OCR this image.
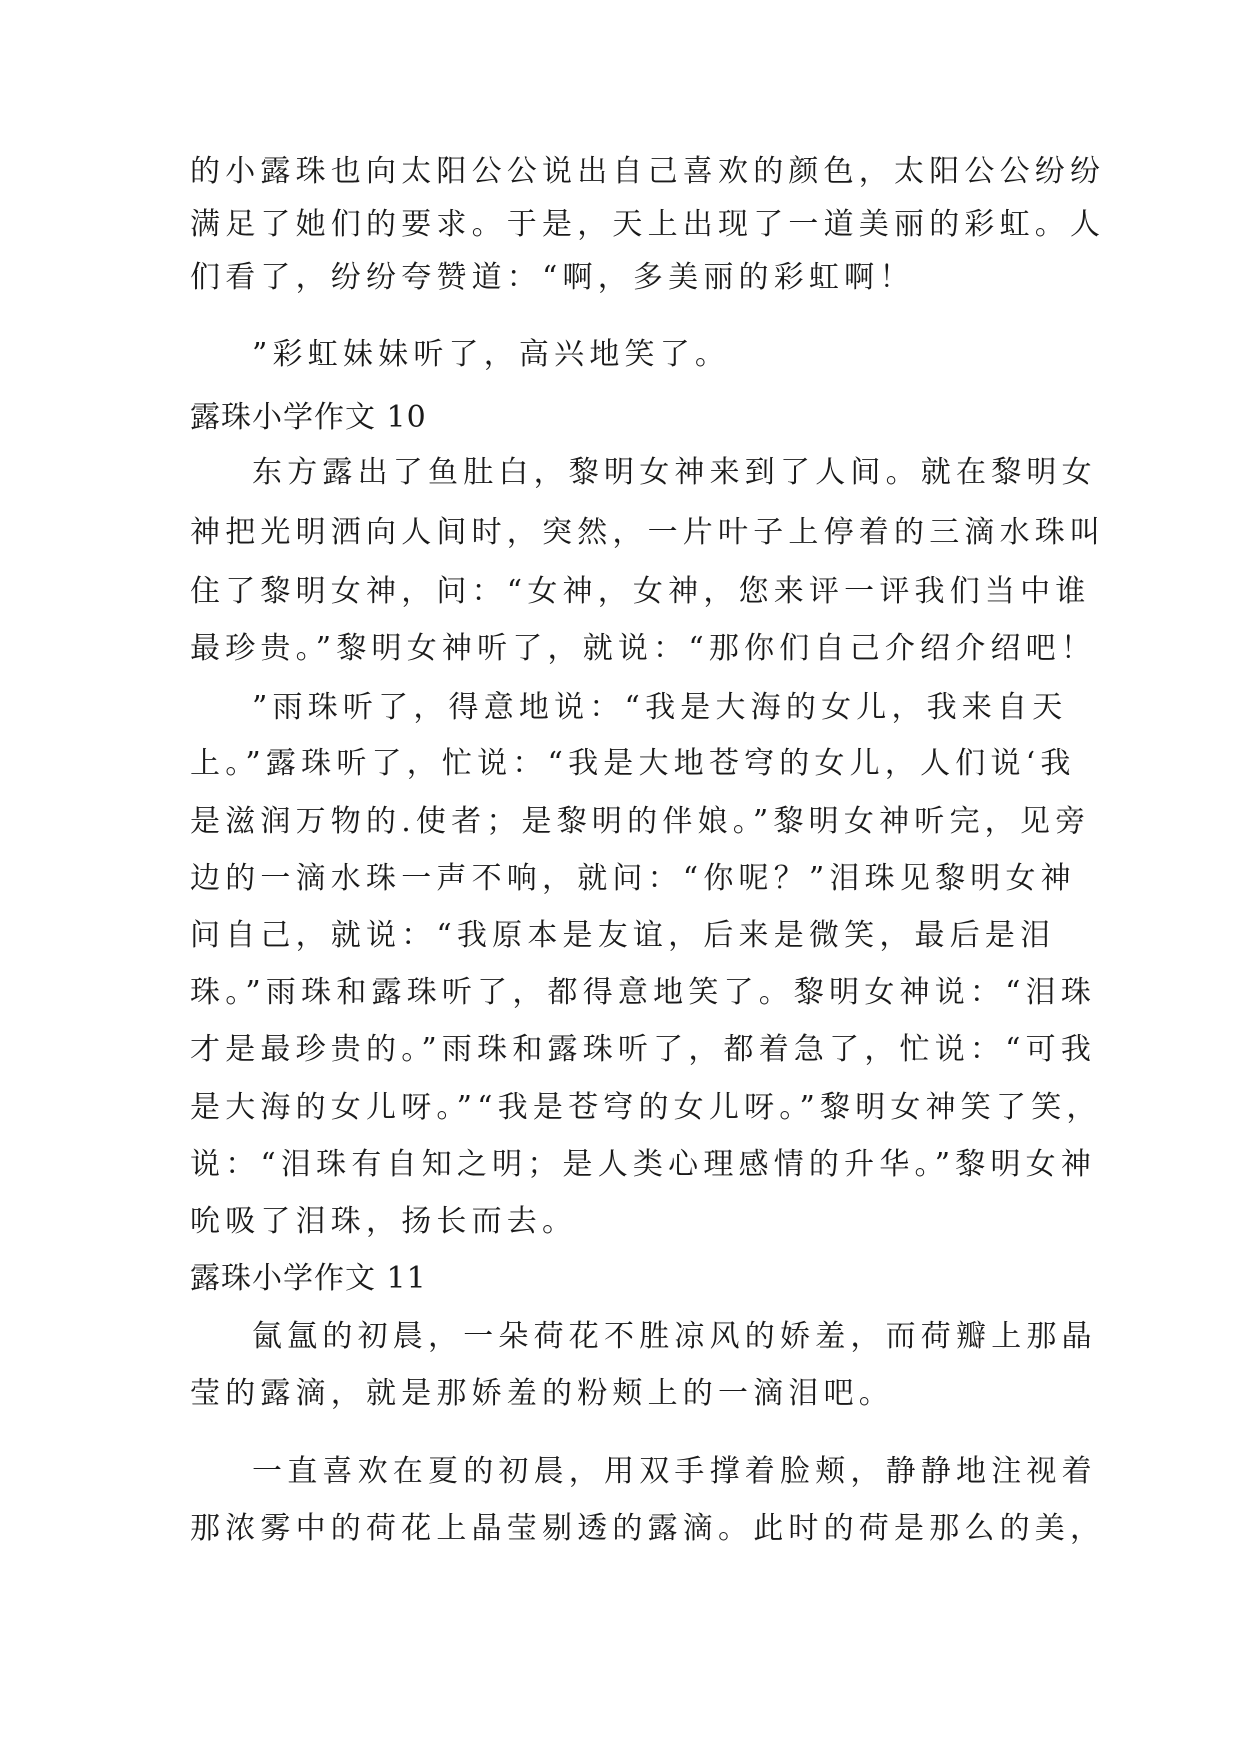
的小露珠也向太阳公公说出自己喜欢的颜色，太阳公公纷纷
满足了她们的要求。于是，天上出现了一道美丽的彩虹。人
们看了，纷纷夸赞道：“啊，多美丽的彩虹啊！
”彩虹妹妹听了，高兴地笑了。
露珠小学作文 10
东方露出了鱼肚白，黎明女神来到了人间。就在黎明女
神把光明洒向人间时，突然，一片叶子上停着的三滴水珠叫
住了黎明女神，问：“女神，女神，您来评一评我们当中谁
最珍贵。”黎明女神听了，就说：“那你们自己介绍介绍吧！
”雨珠听了，得意地说：“我是大海的女儿，我来自天
上。”露珠听了，忙说：“我是大地苍穹的女儿，人们说‘我
是滋润万物的.使者；是黎明的伴娘。”黎明女神听完，见旁
边的一滴水珠一声不响，就问：“你呢？”泪珠见黎明女神
问自己，就说：“我原本是友谊，后来是微笑，最后是泪
珠。”雨珠和露珠听了，都得意地笑了。黎明女神说：“泪珠
才是最珍贵的。”雨珠和露珠听了，都着急了，忙说：“可我
是大海的女儿呀。”“我是苍穹的女儿呀。”黎明女神笑了笑，
说：“泪珠有自知之明；是人类心理感情的升华。”黎明女神
吮吸了泪珠，扬长而去。
露珠小学作文 11
氤氲的初晨，一朵荷花不胜凉风的娇羞，而荷瓣上那晶
莹的露滴，就是那娇羞的粉颊上的一滴泪吧。
一直喜欢在夏的初晨，用双手撑着脸颊，静静地注视着
那浓雾中的荷花上晶莹剔透的露滴。此时的荷是那么的美，
